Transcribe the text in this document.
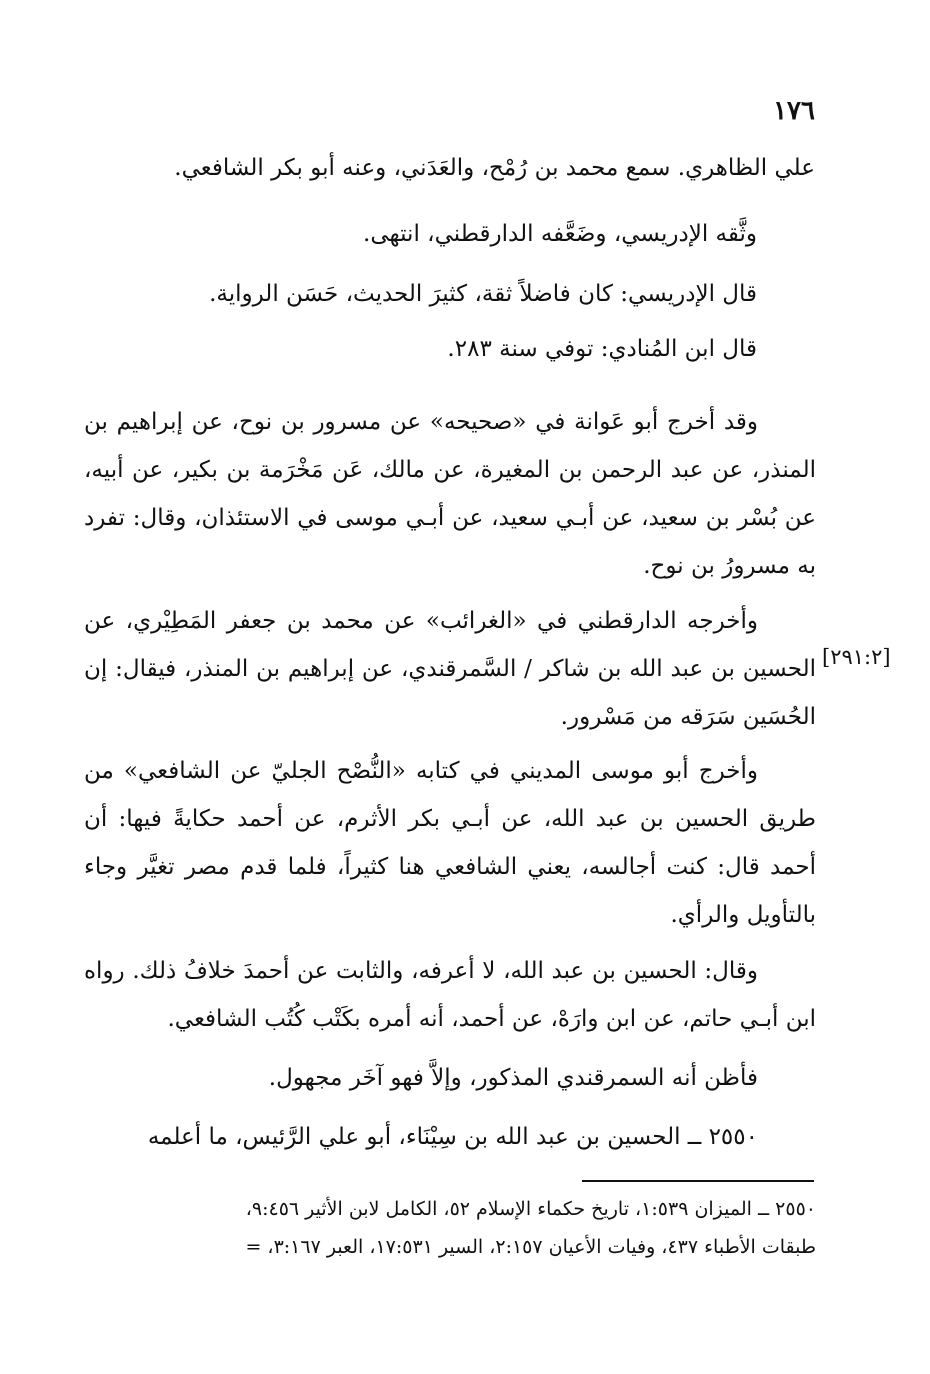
١٧٦
علي الظاهري. سمع محمد بن رُمْح، والعَدَني، وعنه أبو بكر الشافعي.
وثَّقه الإدريسي، وضَعَّفه الدارقطني، انتهى.
قال الإدريسي: كان فاضلاً ثقة، كثيرَ الحديث، حَسَن الرواية.
قال ابن المُنادي: توفي سنة ٢٨٣.
وقد أخرج أبو عَوانة في «صحيحه» عن مسرور بن نوح، عن إبراهيم بن المنذر، عن عبد الرحمن بن المغيرة، عن مالك، عَن مَخْرَمة بن بكير، عن أبيه، عن بُسْر بن سعيد، عن أبـي سعيد، عن أبـي موسى في الاستئذان، وقال: تفرد به مسرورُ بن نوح.
وأخرجه الدارقطني في «الغرائب» عن محمد بن جعفر المَطِيْري، عن الحسين بن عبد الله بن شاكر / السَّمرقندي، عن إبراهيم بن المنذر، فيقال: إن الحُسَين سَرَقه من مَسْرور.
[٢٩١:٢]
وأخرج أبو موسى المديني في كتابه «النُّصْح الجليّ عن الشافعي» من طريق الحسين بن عبد الله، عن أبـي بكر الأثرم، عن أحمد حكايةً فيها: أن أحمد قال: كنت أجالسه، يعني الشافعي هنا كثيراً، فلما قدم مصر تغيَّر وجاء بالتأويل والرأي.
وقال: الحسين بن عبد الله، لا أعرفه، والثابت عن أحمدَ خلافُ ذلك. رواه ابن أبـي حاتم، عن ابن وارَهْ، عن أحمد، أنه أمره بكَتْب كُتُب الشافعي.
فأظن أنه السمرقندي المذكور، وإلاَّ فهو آخَر مجهول.
٢٥٥٠ ــ الحسين بن عبد الله بن سِيْنَاء، أبو علي الرَّئيس، ما أعلمه
٢٥٥٠ ــ الميزان ١:٥٣٩، تاريخ حكماء الإسلام ٥٢، الكامل لابن الأثير ٩:٤٥٦،
طبقات الأطباء ٤٣٧، وفيات الأعيان ٢:١٥٧، السير ١٧:٥٣١، العبر ٣:١٦٧، =
